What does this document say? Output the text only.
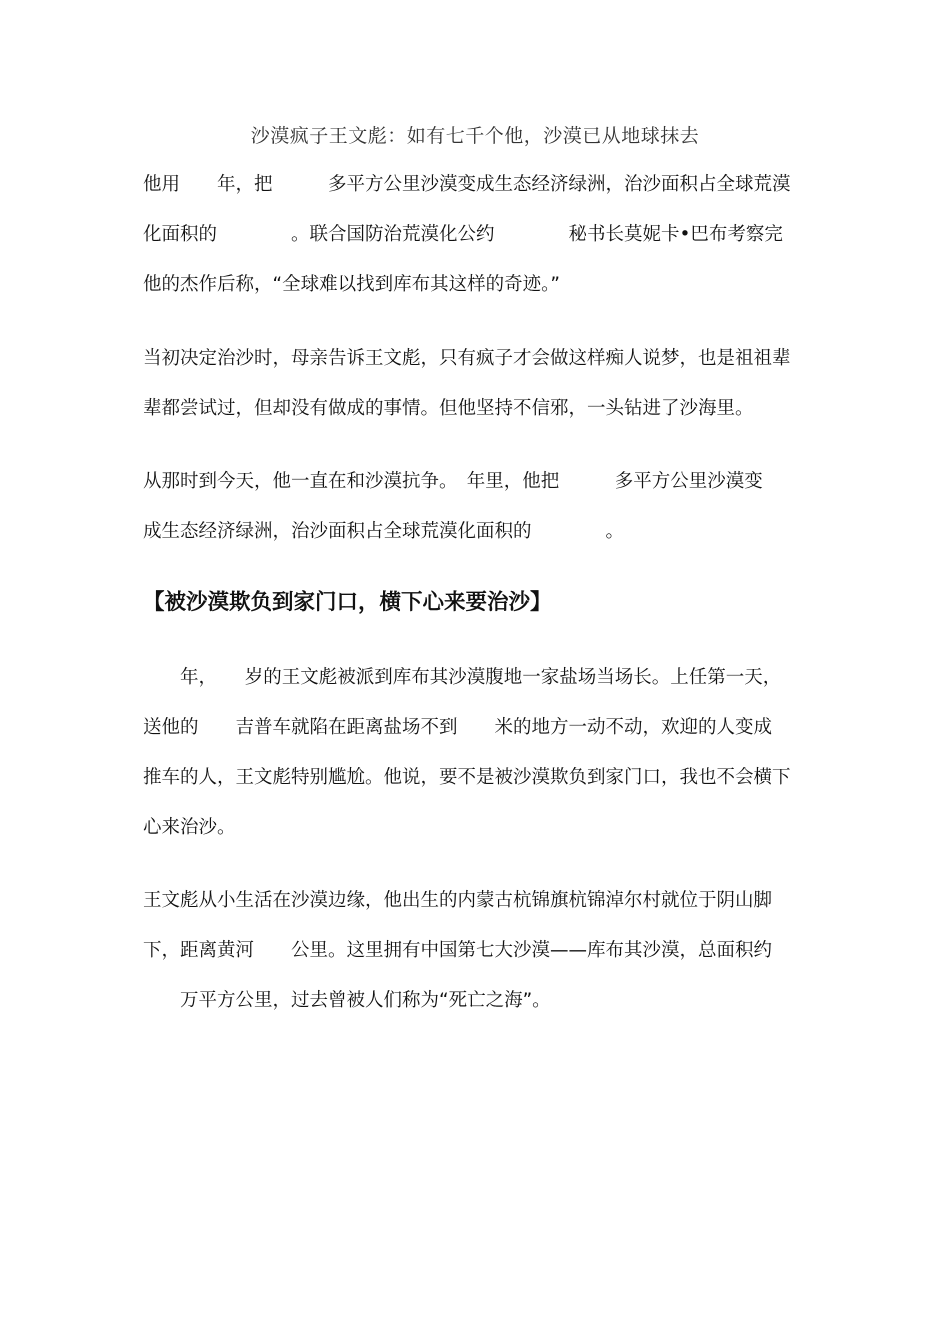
沙漠疯子王文彪：如有七千个他，沙漠已从地球抹去
他用　　年，把　　　多平方公里沙漠变成生态经济绿洲，治沙面积占全球荒漠
化面积的　　　　。联合国防治荒漠化公约　　　　秘书长莫妮卡•巴布考察完
他的杰作后称，“全球难以找到库布其这样的奇迹。”
当初决定治沙时，母亲告诉王文彪，只有疯子才会做这样痴人说梦，也是祖祖辈
辈都尝试过，但却没有做成的事情。但他坚持不信邪，一头钻进了沙海里。
从那时到今天，他一直在和沙漠抗争。　年里，他把　　　多平方公里沙漠变
成生态经济绿洲，治沙面积占全球荒漠化面积的　　　　。
【被沙漠欺负到家门口，横下心来要治沙】
　　年，　　岁的王文彪被派到库布其沙漠腹地一家盐场当场长。上任第一天，
送他的　　吉普车就陷在距离盐场不到　　米的地方一动不动，欢迎的人变成
推车的人，王文彪特别尴尬。他说，要不是被沙漠欺负到家门口，我也不会横下
心来治沙。
王文彪从小生活在沙漠边缘，他出生的内蒙古杭锦旗杭锦淖尔村就位于阴山脚
下，距离黄河　　公里。这里拥有中国第七大沙漠——库布其沙漠，总面积约
　　万平方公里，过去曾被人们称为“死亡之海”。
